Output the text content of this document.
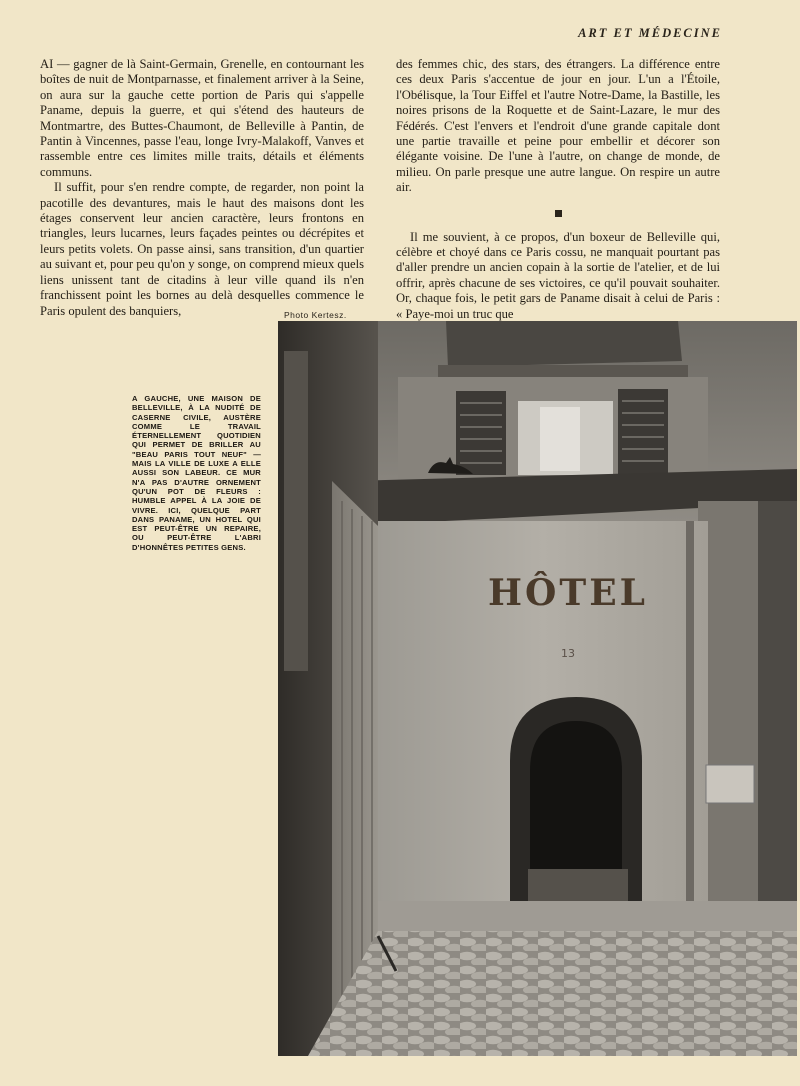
ART ET MÉDECINE

AI — gagner de là Saint-Germain, Grenelle, en contournant les boîtes de nuit de Montparnasse, et finalement arriver à la Seine, on aura sur la gauche cette portion de Paris qui s'appelle Paname, depuis la guerre, et qui s'étend des hauteurs de Montmartre, des Buttes-Chaumont, de Belleville à Pantin, de Pantin à Vincennes, passe l'eau, longe Ivry-Malakoff, Vanves et rassemble entre ces limites mille traits, détails et éléments communs.

Il suffit, pour s'en rendre compte, de regarder, non point la pacotille des devantures, mais le haut des maisons dont les étages conservent leur ancien caractère, leurs frontons en triangles, leurs lucarnes, leurs façades peintes ou décrépites et leurs petits volets. On passe ainsi, sans transition, d'un quartier au suivant et, pour peu qu'on y songe, on comprend mieux quels liens unissent tant de citadins à leur ville quand ils n'en franchissent point les bornes au delà desquelles commence le Paris opulent des banquiers,

des femmes chic, des stars, des étrangers. La différence entre ces deux Paris s'accentue de jour en jour. L'un a l'Étoile, l'Obélisque, la Tour Eiffel et l'autre Notre-Dame, la Bastille, les noires prisons de la Roquette et de Saint-Lazare, le mur des Fédérés. C'est l'envers et l'endroit d'une grande capitale dont une partie travaille et peine pour embellir et décorer son élégante voisine. De l'une à l'autre, on change de monde, de milieu. On parle presque une autre langue. On respire un autre air.

Il me souvient, à ce propos, d'un boxeur de Belleville qui, célèbre et choyé dans ce Paris cossu, ne manquait pourtant pas d'aller prendre un ancien copain à la sortie de l'atelier, et de lui offrir, après chacune de ses victoires, ce qu'il pouvait souhaiter. Or, chaque fois, le petit gars de Paname disait à celui de Paris : « Paye-moi un truc que

Photo Kertesz.
A GAUCHE, UNE MAISON DE BELLEVILLE, À LA NUDITÉ DE CASERNE CIVILE, AUSTÈRE COMME LE TRAVAIL ÉTERNELLEMENT QUOTIDIEN QUI PERMET DE BRILLER AU "BEAU PARIS TOUT NEUF" — MAIS LA VILLE DE LUXE A ELLE AUSSI SON LABEUR. CE MUR N'A PAS D'AUTRE ORNEMENT QU'UN POT DE FLEURS : HUMBLE APPEL À LA JOIE DE VIVRE. ICI, QUELQUE PART DANS PANAME, UN HOTEL QUI EST PEUT-ÊTRE UN REPAIRE, OU PEUT-ÊTRE L'ABRI D'HONNÊTES PETITES GENS.
HÔTEL
13
